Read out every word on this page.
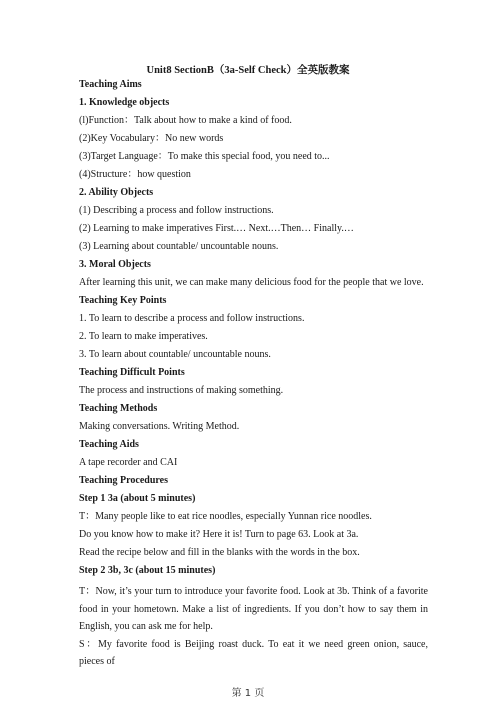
Unit8 SectionB（3a-Self Check）全英版教案
Teaching Aims
1. Knowledge objects
(l)Function：Talk about how to make a kind of food.
(2)Key Vocabulary：No new words
(3)Target Language：To make this special food, you need to...
(4)Structure：how question
2. Ability Objects
(1) Describing a process and follow instructions.
(2) Learning to make imperatives First.… Next.…Then… Finally.…
(3) Learning about countable/ uncountable nouns.
3. Moral Objects
After learning this unit, we can make many delicious food for the people that we love.
Teaching Key Points
1. To learn to describe a process and follow instructions.
2. To learn to make imperatives.
3. To learn about countable/ uncountable nouns.
Teaching Difficult Points
The process and instructions of making something.
Teaching Methods
Making conversations. Writing Method.
Teaching Aids
A tape recorder and CAI
Teaching Procedures
Step 1 3a (about 5 minutes)
T：Many people like to eat rice noodles, especially Yunnan rice noodles.
Do you know how to make it? Here it is! Turn to page 63. Look at 3a.
Read the recipe below and fill in the blanks with the words in the box.
Step 2 3b, 3c (about 15 minutes)
T：Now, it’s your turn to introduce your favorite food. Look at 3b. Think of a favorite food in your hometown. Make a list of ingredients. If you don’t how to say them in English, you can ask me for help.
S：My favorite food is Beijing roast duck. To eat it we need green onion, sauce, pieces of
第 1 页
